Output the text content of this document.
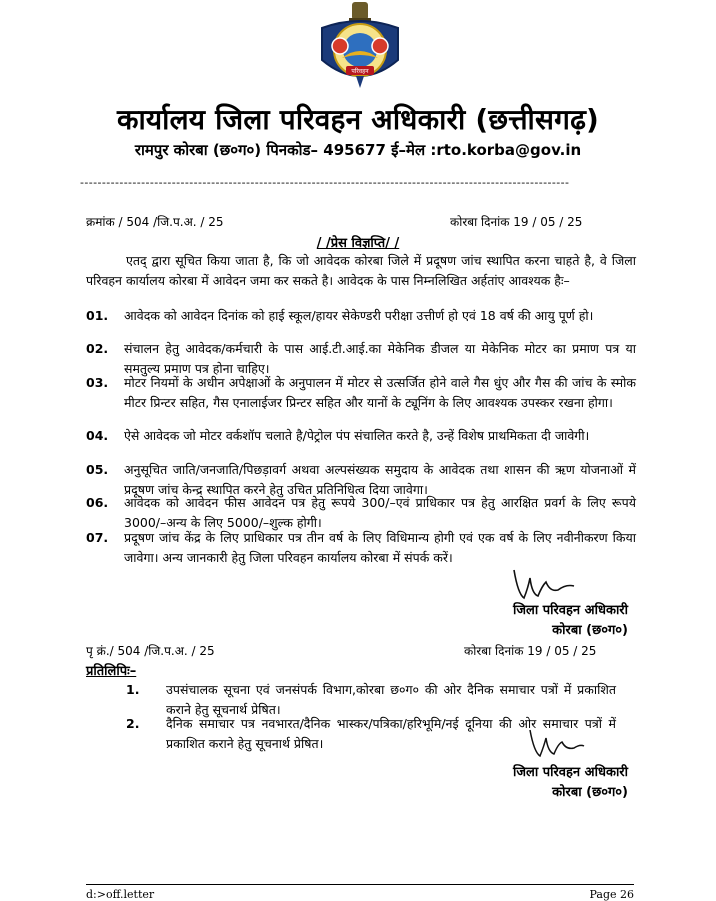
परिवहन
कार्यालय जिला परिवहन अधिकारी (छत्तीसगढ़)
रामपुर कोरबा (छ०ग०) पिनकोड– 495677 ई–मेल :rto.korba@gov.in
----------------------------------------------------------------------------------------------------------------
क्रमांक / 504 /जि.प.अ. / 25	कोरबा दिनांक 19 / 05 / 25
/ /प्रेस विज्ञप्ति/ /
एतद् द्वारा सूचित किया जाता है, कि जो आवेदक कोरबा जिले में प्रदूषण जांच स्थापित करना चाहते है, वे जिला परिवहन कार्यालय कोरबा में आवेदन जमा कर सकते है। आवेदक के पास निम्नलिखित अर्हतांए आवश्यक हैः–
01. आवेदक को आवेदन दिनांक को हाई स्कूल/हायर सेकेण्डरी परीक्षा उत्तीर्ण हो एवं 18 वर्ष की आयु पूर्ण हो।
02. संचालन हेतु आवेदक/कर्मचारी के पास आई.टी.आई.का मेकेनिक डीजल या मेकेनिक मोटर का प्रमाण पत्र या समतुल्य प्रमाण पत्र होना चाहिए।
03. मोटर नियमों के अधीन अपेक्षाओं के अनुपालन में मोटर से उत्सर्जित होने वाले गैस धुंए और गैस की जांच के स्मोक मीटर प्रिन्टर सहित, गैस एनालाईजर प्रिन्टर सहित और यानों के ट्यूनिंग के लिए आवश्यक उपस्कर रखना होगा।
04. ऐसे आवेदक जो मोटर वर्कशॉप चलाते है/पेट्रोल पंप संचालित करते है, उन्हें विशेष प्राथमिकता दी जावेगी।
05. अनुसूचित जाति/जनजाति/पिछड़ावर्ग अथवा अल्पसंख्यक समुदाय के आवेदक तथा शासन की ऋण योजनाओं में प्रदूषण जांच केन्द्र स्थापित करने हेतु उचित प्रतिनिधित्व दिया जावेगा।
06. आवेदक को आवेदन फीस आवेदन पत्र हेतु रूपये 300/–एवं प्राधिकार पत्र हेतु आरक्षित प्रवर्ग के लिए रूपये 3000/–अन्य के लिए 5000/–शुल्क होगी।
07. प्रदूषण जांच केंद्र के लिए प्राधिकार पत्र तीन वर्ष के लिए विधिमान्य होगी एवं एक वर्ष के लिए नवीनीकरण किया जावेगा। अन्य जानकारी हेतु जिला परिवहन कार्यालय कोरबा में संपर्क करें।
जिला परिवहन अधिकारी
कोरबा (छ०ग०)
पृ क्रं./ 504 /जि.प.अ. / 25	कोरबा दिनांक 19 / 05 / 25
प्रतिलिपिः–
1. उपसंचालक सूचना एवं जनसंपर्क विभाग,कोरबा छ०ग० की ओर दैनिक समाचार पत्रों में प्रकाशित कराने हेतु सूचनार्थ प्रेषित।
2. दैनिक समाचार पत्र नवभारत/दैनिक भास्कर/पत्रिका/हरिभूमि/नई दूनिया की ओर समाचार पत्रों में प्रकाशित कराने हेतु सूचनार्थ प्रेषित।
जिला परिवहन अधिकारी
कोरबा (छ०ग०)
d:>off.letter	Page 26
